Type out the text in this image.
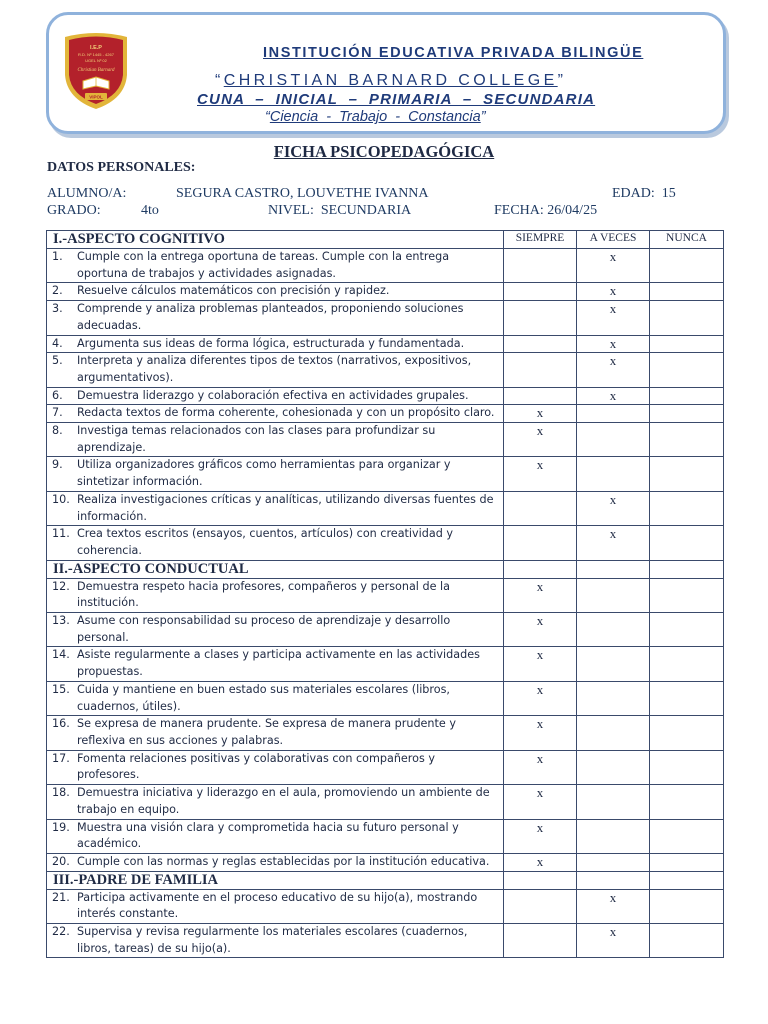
I.E.P
R.D. Nº 1445 - 4267
UGEL Nº 02
Christian Barnard
VIPOL
INSTITUCIÓN EDUCATIVA PRIVADA BILINGÜE
“CHRISTIAN BARNARD COLLEGE”
CUNA  –  INICIAL  –  PRIMARIA  –  SECUNDARIA
“Ciencia  -  Trabajo  -  Constancia”
FICHA PSICOPEDAGÓGICA
DATOS PERSONALES:
ALUMNO/A:	SEGURA CASTRO, LOUVETHE IVANNA	EDAD: 15
GRADO:	4to	NIVEL: SECUNDARIA	FECHA: 26/04/25
I.-ASPECTO COGNITIVO	SIEMPRE	A VECES	NUNCA

1. Cumple con la entrega oportuna de tareas. Cumple con la entrega oportuna de trabajos y actividades asignadas.		x	

2. Resuelve cálculos matemáticos con precisión y rapidez.		x	

3. Comprende y analiza problemas planteados, proponiendo soluciones adecuadas.		x	

4. Argumenta sus ideas de forma lógica, estructurada y fundamentada.		x	

5. Interpreta y analiza diferentes tipos de textos (narrativos, expositivos, argumentativos).		x	

6. Demuestra liderazgo y colaboración efectiva en actividades grupales.		x	

7. Redacta textos de forma coherente, cohesionada y con un propósito claro.	x		

8. Investiga temas relacionados con las clases para profundizar su aprendizaje.	x		

9. Utiliza organizadores gráficos como herramientas para organizar y sintetizar información.	x		

10. Realiza investigaciones críticas y analíticas, utilizando diversas fuentes de información.		x	

11. Crea textos escritos (ensayos, cuentos, artículos) con creatividad y coherencia.		x	
II.-ASPECTO CONDUCTUAL			

12. Demuestra respeto hacia profesores, compañeros y personal de la institución.	x		

13. Asume con responsabilidad su proceso de aprendizaje y desarrollo personal.	x		

14. Asiste regularmente a clases y participa activamente en las actividades propuestas.	x		

15. Cuida y mantiene en buen estado sus materiales escolares (libros, cuadernos, útiles).	x		

16. Se expresa de manera prudente. Se expresa de manera prudente y reflexiva en sus acciones y palabras.	x		

17. Fomenta relaciones positivas y colaborativas con compañeros y profesores.	x		

18. Demuestra iniciativa y liderazgo en el aula, promoviendo un ambiente de trabajo en equipo.	x		

19. Muestra una visión clara y comprometida hacia su futuro personal y académico.	x		

20. Cumple con las normas y reglas establecidas por la institución educativa.	x		
III.-PADRE DE FAMILIA			

21. Participa activamente en el proceso educativo de su hijo(a), mostrando interés constante.		x	

22. Supervisa y revisa regularmente los materiales escolares (cuadernos, libros, tareas) de su hijo(a).		x	
